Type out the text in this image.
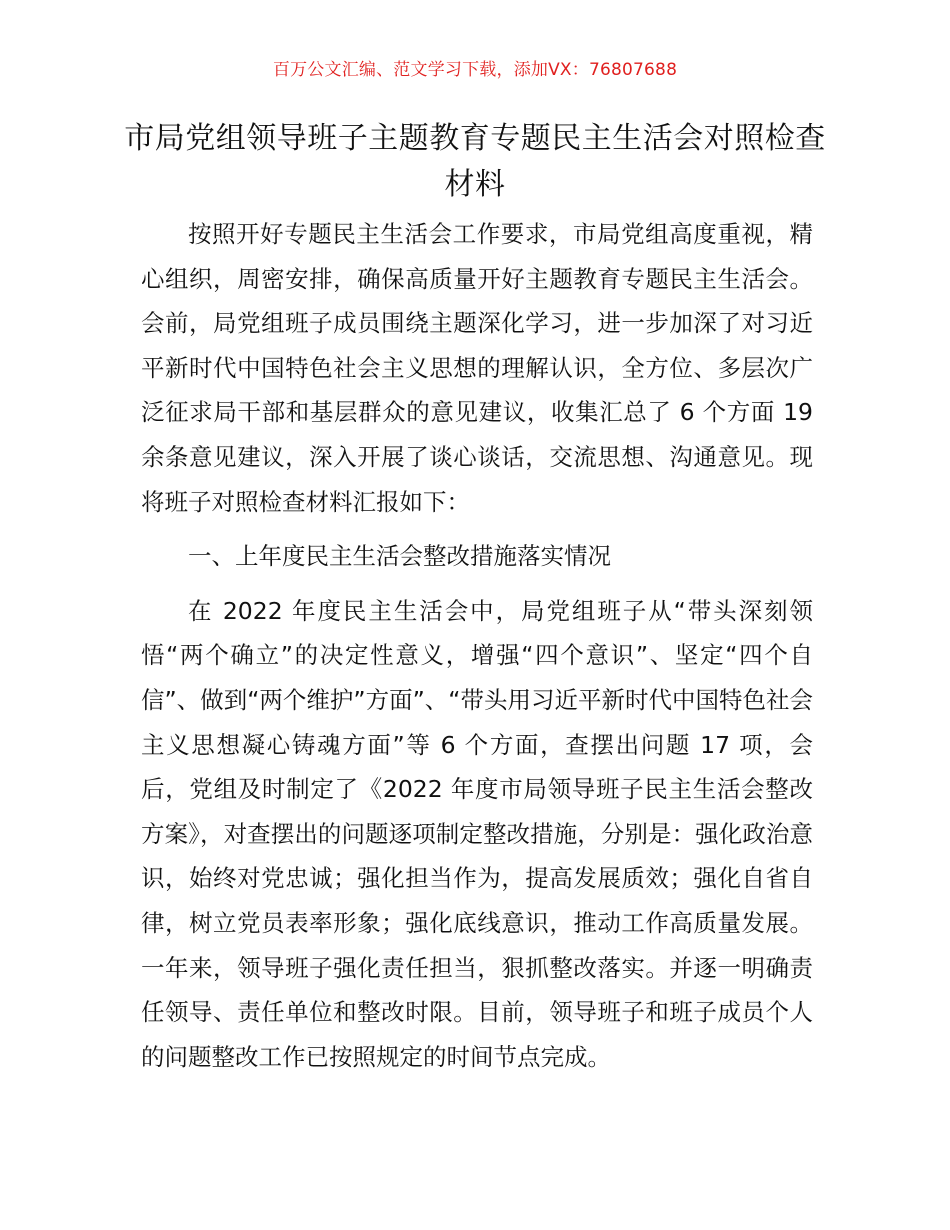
百万公文汇编、范文学习下载，添加VX：76807688
市局党组领导班子主题教育专题民主生活会对照检查材料

按照开好专题民主生活会工作要求，市局党组高度重视，精心组织，周密安排，确保高质量开好主题教育专题民主生活会。会前，局党组班子成员围绕主题深化学习，进一步加深了对习近平新时代中国特色社会主义思想的理解认识，全方位、多层次广泛征求局干部和基层群众的意见建议，收集汇总了 6 个方面 19 余条意见建议，深入开展了谈心谈话，交流思想、沟通意见。现将班子对照检查材料汇报如下：

一、上年度民主生活会整改措施落实情况

在 2022 年度民主生活会中，局党组班子从“带头深刻领悟“两个确立”的决定性意义，增强“四个意识”、坚定“四个自信”、做到“两个维护”方面”、“带头用习近平新时代中国特色社会主义思想凝心铸魂方面”等 6 个方面，查摆出问题 17 项，会后，党组及时制定了《2022 年度市局领导班子民主生活会整改方案》，对查摆出的问题逐项制定整改措施，分别是：强化政治意识，始终对党忠诚；强化担当作为，提高发展质效；强化自省自律，树立党员表率形象；强化底线意识，推动工作高质量发展。一年来，领导班子强化责任担当，狠抓整改落实。并逐一明确责任领导、责任单位和整改时限。目前，领导班子和班子成员个人的问题整改工作已按照规定的时间节点完成。
